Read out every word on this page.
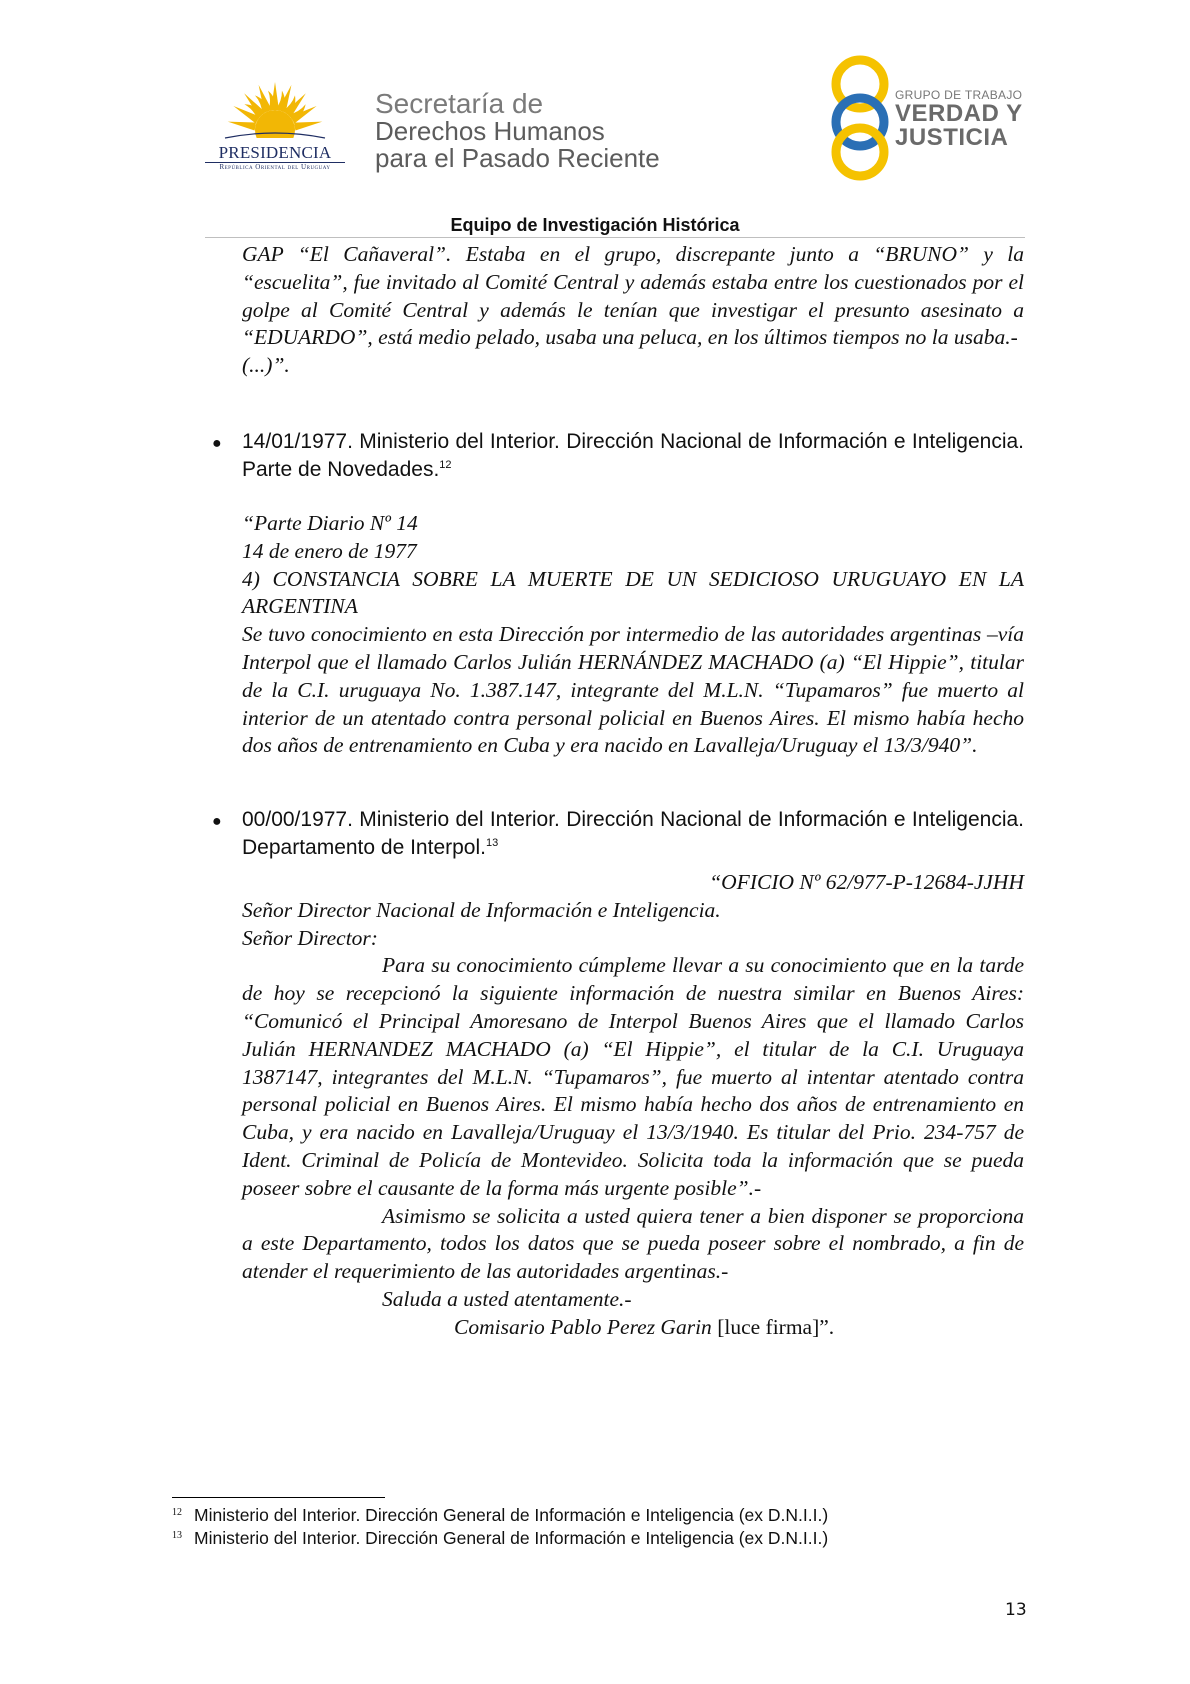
PRESIDENCIA
República Oriental del Uruguay
Secretaría de
Derechos Humanos
para el Pasado Reciente
GRUPO DE TRABAJO
VERDAD Y
JUSTICIA
Equipo de Investigación Histórica

GAP “El Cañaveral”. Estaba en el grupo, discrepante junto a “BRUNO” y la “escuelita”, fue invitado al Comité Central y además estaba entre los cuestionados por el golpe al Comité Central y además le tenían que investigar el presunto asesinato a “EDUARDO”, está medio pelado, usaba una peluca, en los últimos tiempos no la usaba.-

(...)”.

● 14/01/1977. Ministerio del Interior. Dirección Nacional de Información e Inteligencia. Parte de Novedades.$^{12}$

“Parte Diario Nº 14

14 de enero de 1977

4) CONSTANCIA SOBRE LA MUERTE DE UN SEDICIOSO URUGUAYO EN LA ARGENTINA

Se tuvo conocimiento en esta Dirección por intermedio de las autoridades argentinas –vía Interpol que el llamado Carlos Julián HERNÁNDEZ MACHADO (a) “El Hippie”, titular de la C.I. uruguaya No. 1.387.147, integrante del M.L.N. “Tupamaros” fue muerto al interior de un atentado contra personal policial en Buenos Aires. El mismo había hecho dos años de entrenamiento en Cuba y era nacido en Lavalleja/Uruguay el 13/3/940”.

● 00/00/1977. Ministerio del Interior. Dirección Nacional de Información e Inteligencia. Departamento de Interpol.$^{13}$

“OFICIO Nº 62/977-P-12684-JJHH

Señor Director Nacional de Información e Inteligencia.

Señor Director:

Para su conocimiento cúmpleme llevar a su conocimiento que en la tarde de hoy se recepcionó la siguiente información de nuestra similar en Buenos Aires: “Comunicó el Principal Amoresano de Interpol Buenos Aires que el llamado Carlos Julián HERNANDEZ MACHADO (a) “El Hippie”, el titular de la C.I. Uruguaya 1387147, integrantes del M.L.N. “Tupamaros”, fue muerto al intentar atentado contra personal policial en Buenos Aires. El mismo había hecho dos años de entrenamiento en Cuba, y era nacido en Lavalleja/Uruguay el 13/3/1940. Es titular del Prio. 234-757 de Ident. Criminal de Policía de Montevideo. Solicita toda la información que se pueda poseer sobre el causante de la forma más urgente posible”.-

Asimismo se solicita a usted quiera tener a bien disponer se proporciona a este Departamento, todos los datos que se pueda poseer sobre el nombrado, a fin de atender el requerimiento de las autoridades argentinas.-

Saluda a usted atentamente.-

Comisario Pablo Perez Garin [luce firma]”.

$^{12}$ Ministerio del Interior. Dirección General de Información e Inteligencia (ex D.N.I.I.)
$^{13}$ Ministerio del Interior. Dirección General de Información e Inteligencia (ex D.N.I.I.)
13
